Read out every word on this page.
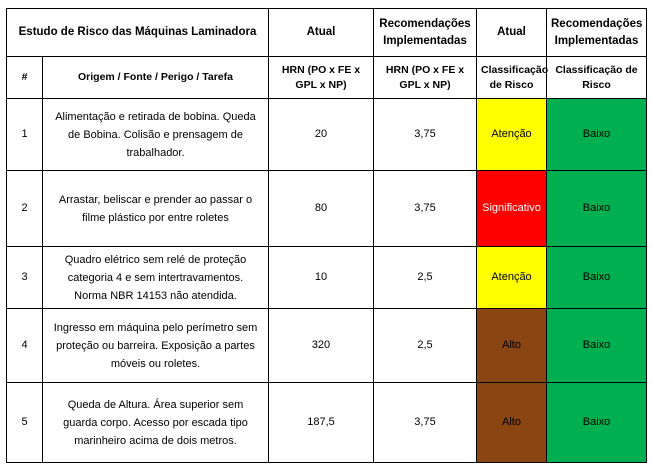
Estudo de Risco das Máquinas Laminadora		Atual	Recomendações Implementadas	Atual	Recomendações Implementadas
#	Origem / Fonte / Perigo / Tarefa	HRN (PO x FE x GPL x NP)	HRN (PO x FE x GPL x NP)	Classificação de Risco	Classificação de Risco
1	Alimentação e retirada de bobina. Queda de Bobina. Colisão e prensagem de trabalhador.	20	3,75	Atenção	Baixo
2	Arrastar, beliscar e prender ao passar o filme plástico por entre roletes	80	3,75	Significativo	Baixo
3	Quadro elétrico sem relé de proteção categoria 4 e sem intertravamentos. Norma NBR 14153 não atendida.	10	2,5	Atenção	Baixo
4	Ingresso em máquina pelo perímetro sem proteção ou barreira. Exposição a partes móveis ou roletes.	320	2,5	Alto	Baixo
5	Queda de Altura. Área superior sem guarda corpo. Acesso por escada tipo marinheiro acima de dois metros.	187,5	3,75	Alto	Baixo
